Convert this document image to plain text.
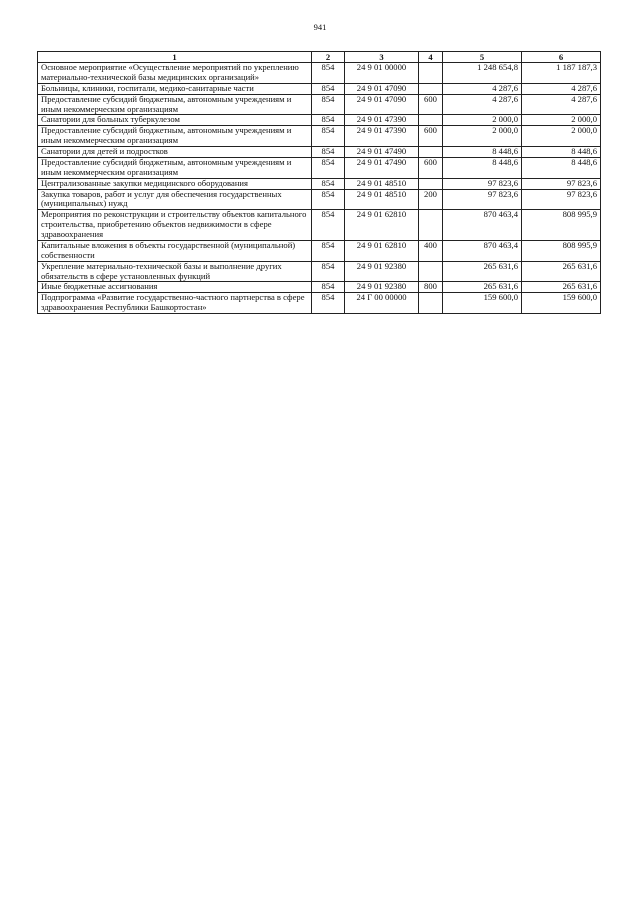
941
1	2	3	4	5	6
Основное мероприятие «Осуществление мероприятий по укреплению материально-технической базы медицинских организаций»	854	24 9 01 00000		1 248 654,8	1 187 187,3
Больницы, клиники, госпитали, медико-санитарные части	854	24 9 01 47090		4 287,6	4 287,6
Предоставление субсидий бюджетным, автономным учреждениям и иным некоммерческим организациям	854	24 9 01 47090	600	4 287,6	4 287,6
Санатории для больных туберкулезом	854	24 9 01 47390		2 000,0	2 000,0
Предоставление субсидий бюджетным, автономным учреждениям и иным некоммерческим организациям	854	24 9 01 47390	600	2 000,0	2 000,0
Санатории для детей и подростков	854	24 9 01 47490		8 448,6	8 448,6
Предоставление субсидий бюджетным, автономным учреждениям и иным некоммерческим организациям	854	24 9 01 47490	600	8 448,6	8 448,6
Централизованные закупки медицинского оборудования	854	24 9 01 48510		97 823,6	97 823,6
Закупка товаров, работ и услуг для обеспечения государственных (муниципальных) нужд	854	24 9 01 48510	200	97 823,6	97 823,6
Мероприятия по реконструкции и строительству объектов капитального строительства, приобретению объектов недвижимости в сфере здравоохранения	854	24 9 01 62810		870 463,4	808 995,9
Капитальные вложения в объекты государственной (муниципальной) собственности	854	24 9 01 62810	400	870 463,4	808 995,9
Укрепление материально-технической базы и выполнение других обязательств в сфере установленных функций	854	24 9 01 92380		265 631,6	265 631,6
Иные бюджетные ассигнования	854	24 9 01 92380	800	265 631,6	265 631,6
Подпрограмма «Развитие государственно-частного партнерства в сфере здравоохранения Республики Башкортостан»	854	24 Г 00 00000		159 600,0	159 600,0
